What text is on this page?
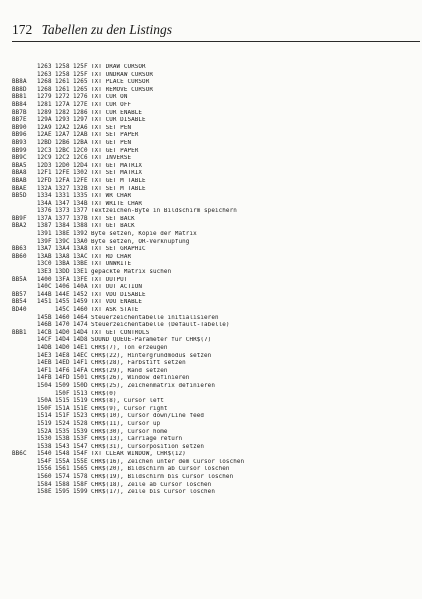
172 Tabellen zu den Listings
1263 1258 125F TXT DRAW CURSOR
1263 1258 125F TXT UNDRAW CURSOR
BB8A	1268 1261 1265 TXT PLACE CURSOR
BB8D	1268 1261 1265 TXT REMOVE CURSOR
BB81	1279 1272 1276 TXT CUR ON
BB84	1281 127A 127E TXT CUR OFF
BB7B	1289 1282 1286 TXT CUR ENABLE
BB7E	129A 1293 1297 TXT CUR DISABLE
BB90	12A9 12A2 12A6 TXT SET PEN
BB96	12AE 12A7 12AB TXT SET PAPER
BB93	12BD 12B6 12BA TXT GET PEN
BB99	12C3 12BC 12C0 TXT GET PAPER
BB9C	12C9 12C2 12C6 TXT INVERSE
BBA5	12D3 12D0 12D4 TXT GET MATRIX
BBA8	12F1 12FE 1302 TXT SET MATRIX
BBAB	12FD 12FA 12FE TXT GET M TABLE
BBAE	132A 1327 132B TXT SET M TABLE
BB5D	1334 1331 1335 TXT WR CHAR
134A 1347 134B TXT WRITE CHAR
1376 1373 1377 Textzeichen-Byte in Bildschirm speichern
BB9F	137A 1377 137B TXT SET BACK
BBA2	1387 1384 1388 TXT GET BACK
1391 138E 1392 Byte setzen, Kopie der Matrix
139F 139C 13A0 Byte setzen, OR-Verknüpfung
BB63	13A7 13A4 13A8 TXT SET GRAPHIC
BB60	13AB 13A8 13AC TXT RD CHAR
13C0 13BA 13BE TXT UNWRITE
13E3 13DD 13E1 gepackte Matrix suchen
BB5A	1400 13FA 13FE TXT OUTPUT
140C 1406 140A TXT OUT ACTION
BB57	144B 144E 1452 TXT VDU DISABLE
BB54	1451 1455 1459 TXT VDU ENABLE
BD40	145C 1460 TXT ASK STATE
145B 1460 1464 Steuerzeichentabelle initialisieren
146B 1470 1474 Steuerzeichentabelle (Default-Tabelle)
BBB1	14CB 14D0 14D4 TXT GET CONTROLS
14CF 14D4 14D8 SOUND QUEUE-Parameter für CHR$(7)
14DB 14D0 14E1 CHR$(7), Ton erzeugen
14E3 14E8 14EC CHR$(22), Hintergrundmodus setzen
14EB 14ED 14F1 CHR$(28), Farbstift setzen
14F1 14F6 14FA CHR$(29), Rand setzen
14FB 14FD 1501 CHR$(26), Window definieren
1504 1509 150D CHR$(25), Zeichenmatrix definieren
150F 1513 CHR$(0)
150A 1515 1519 CHR$(8), Cursor left
150F 151A 151E CHR$(9), Cursor right
1514 151F 1523 CHR$(10), Cursor down/Line feed
1519 1524 1528 CHR$(11), Cursor up
152A 1535 1539 CHR$(30), Cursor home
1530 153B 153F CHR$(13), Carriage return
1538 1543 1547 CHR$(31), Cursorposition setzen
BB6C	1540 1548 154F TXT CLEAR WINDOW, CHR$(12)
154F 155A 155E CHR$(16), Zeichen unter dem Cursor löschen
1556 1561 1565 CHR$(20), Bildschirm ab Cursor löschen
1560 1574 1578 CHR$(19), Bildschirm bis Cursor löschen
1584 1588 158F CHR$(18), Zeile ab Cursor löschen
158E 1595 1599 CHR$(17), Zeile bis Cursor löschen
